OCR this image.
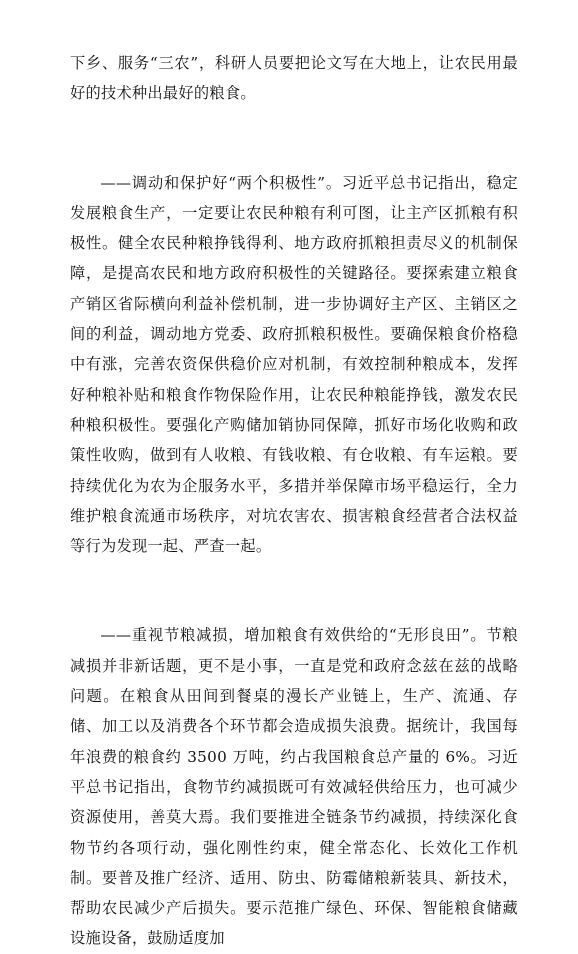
下乡、服务“三农”，科研人员要把论文写在大地上，让农民用最好的技术种出最好的粮食。

——调动和保护好“两个积极性”。习近平总书记指出，稳定发展粮食生产，一定要让农民种粮有利可图，让主产区抓粮有积极性。健全农民种粮挣钱得利、地方政府抓粮担责尽义的机制保障，是提高农民和地方政府积极性的关键路径。要探索建立粮食产销区省际横向利益补偿机制，进一步协调好主产区、主销区之间的利益，调动地方党委、政府抓粮积极性。要确保粮食价格稳中有涨，完善农资保供稳价应对机制，有效控制种粮成本，发挥好种粮补贴和粮食作物保险作用，让农民种粮能挣钱，激发农民种粮积极性。要强化产购储加销协同保障，抓好市场化收购和政策性收购，做到有人收粮、有钱收粮、有仓收粮、有车运粮。要持续优化为农为企服务水平，多措并举保障市场平稳运行，全力维护粮食流通市场秩序，对坑农害农、损害粮食经营者合法权益等行为发现一起、严查一起。

——重视节粮减损，增加粮食有效供给的“无形良田”。节粮减损并非新话题，更不是小事，一直是党和政府念兹在兹的战略问题。在粮食从田间到餐桌的漫长产业链上，生产、流通、存储、加工以及消费各个环节都会造成损失浪费。据统计，我国每年浪费的粮食约 3500 万吨，约占我国粮食总产量的 6%。习近平总书记指出，食物节约减损既可有效减轻供给压力，也可减少资源使用，善莫大焉。我们要推进全链条节约减损，持续深化食物节约各项行动，强化刚性约束，健全常态化、长效化工作机制。要普及推广经济、适用、防虫、防霉储粮新装具、新技术，帮助农民减少产后损失。要示范推广绿色、环保、智能粮食储藏设施设备，鼓励适度加
